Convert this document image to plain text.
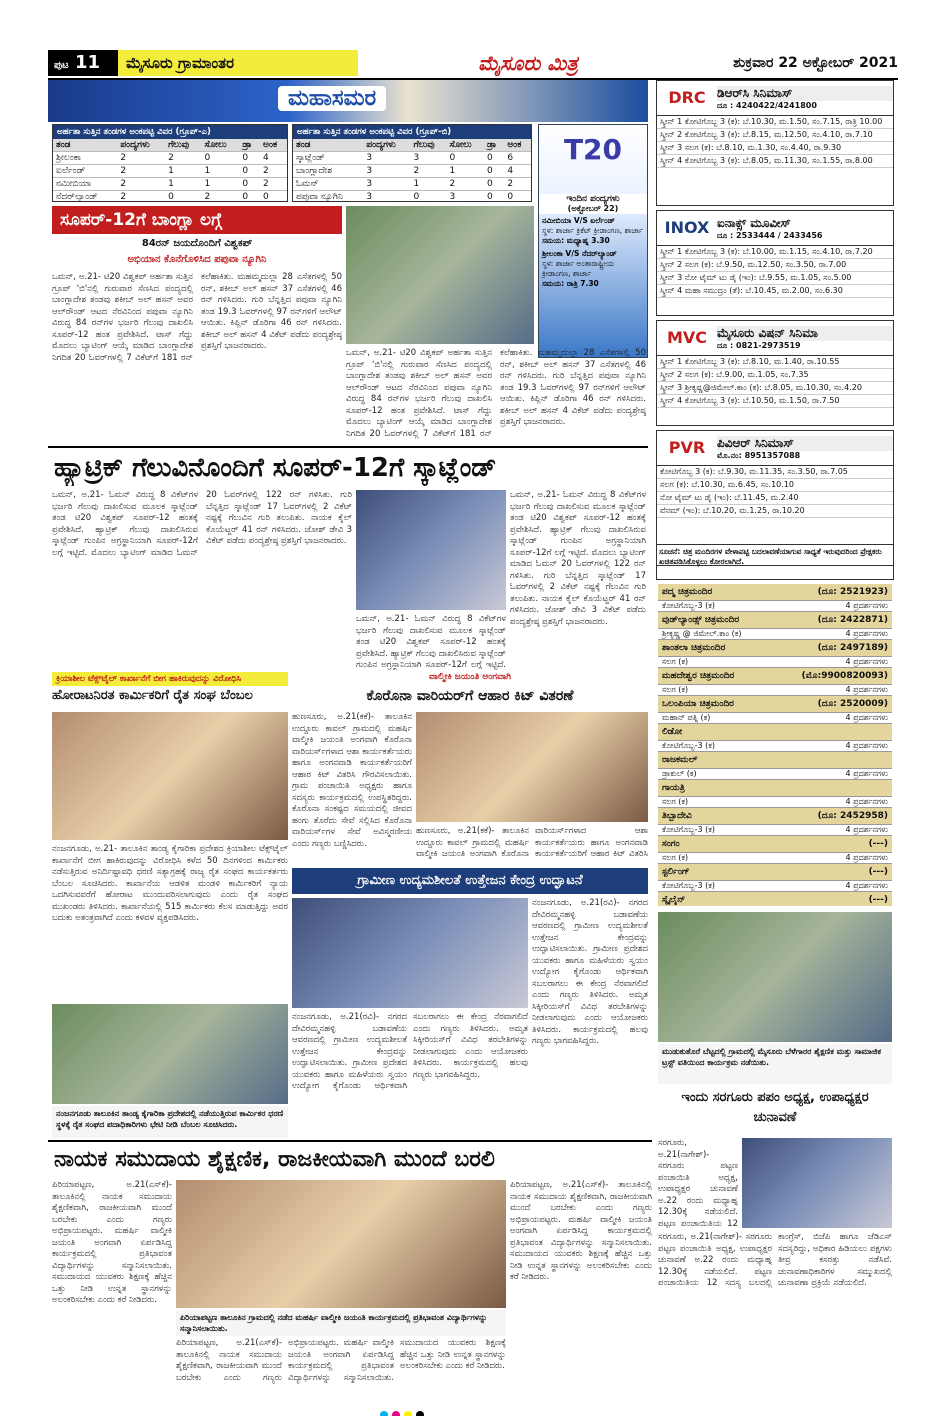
ಪುಟ 11	ಮೈಸೂರು ಗ್ರಾಮಾಂತರ	ಮೈಸೂರು ಮಿತ್ರ	ಶುಕ್ರವಾರ 22 ಅಕ್ಟೋಬರ್ 2021
ಮಹಾಸಮರ
ಅರ್ಹತಾ ಸುತ್ತಿನ ತಂಡಗಳ ಅಂಕಪಟ್ಟಿ ವಿವರ (ಗ್ರೂಪ್-ಎ)
ತಂಡ	ಪಂದ್ಯಗಳು	ಗೆಲುವು	ಸೋಲು	ಡ್ರಾ	ಅಂಕ
ಶ್ರೀಲಂಕಾ	2	2	0	0	4
ಐರ್ಲೆಂಡ್	2	1	1	0	2
ನಮೀಬಿಯಾ	2	1	1	0	2
ನೆದರ್‌ಲ್ಯಾಂಡ್	2	0	2	0	0
ಅರ್ಹತಾ ಸುತ್ತಿನ ತಂಡಗಳ ಅಂಕಪಟ್ಟಿ ವಿವರ (ಗ್ರೂಪ್-ಬಿ)
ತಂಡ	ಪಂದ್ಯಗಳು	ಗೆಲುವು	ಸೋಲು	ಡ್ರಾ	ಅಂಕ
ಸ್ಕಾಟ್ಲೆಂಡ್	3	3	0	0	6
ಬಾಂಗ್ಲಾದೇಶ	3	2	1	0	4
ಓಮನ್	3	1	2	0	2
ಪಪುವಾ ನ್ಯೂಗಿನಿ	3	0	3	0	0
T20
ಇಂದಿನ ಪಂದ್ಯಗಳು
(ಅಕ್ಟೋಬರ್ 22)
ನಮೀಬಿಯಾ V/S ಐರ್ಲೆಂಡ್
ಸ್ಥಳ: ಶಾರ್ಜಾ ಕ್ರಿಕೆಟ್ ಕ್ರೀಡಾಂಗಣ, ಶಾರ್ಜಾ
ಸಮಯ: ಮಧ್ಯಾಹ್ನ 3.30
ಶ್ರೀಲಂಕಾ V/S ನೆದರ್‌ಲ್ಯಾಂಡ್
ಸ್ಥಳ: ಶಾರ್ಜಾ ಅಂತಾರಾಷ್ಟ್ರೀಯ ಕ್ರೀಡಾಂಗಣ, ಶಾರ್ಜಾ
ಸಮಯ: ರಾತ್ರಿ 7.30
ಸೂಪರ್-12ಗೆ ಬಾಂಗ್ಲಾ ಲಗ್ಗೆ
84ರನ್ ಜಯದೊಂದಿಗೆ ವಿಶ್ವಕಪ್
ಅಭಿಯಾನ ಕೊನೆಗೊಳಿಸಿದ ಪಪುವಾ ನ್ಯೂಗಿನಿ
ಒಮನ್, ಅ.21- ಟಿ20 ವಿಶ್ವಕಪ್ ಅರ್ಹತಾ ಸುತ್ತಿನ ಗ್ರೂಪ್ 'ಬಿ'ನಲ್ಲಿ ಗುರುವಾರ ಸೆಣಸಿದ ಪಂದ್ಯದಲ್ಲಿ ಬಾಂಗ್ಲಾದೇಶ ತಂಡವು ಶಕೀಬ್ ಅಲ್ ಹಸನ್ ಅವರ ಆಲ್‌ರೌಂಡ್ ಆಟದ ನೆರವಿನಿಂದ ಪಪುವಾ ನ್ಯೂಗಿನಿ ವಿರುದ್ಧ 84 ರನ್‌ಗಳ ಭರ್ಜರಿ ಗೆಲುವು ದಾಖಲಿಸಿ ಸೂಪರ್-12 ಹಂತ ಪ್ರವೇಶಿಸಿದೆ. ಟಾಸ್ ಗೆದ್ದು ಮೊದಲು ಬ್ಯಾಟಿಂಗ್ ಆಯ್ಕೆ ಮಾಡಿದ ಬಾಂಗ್ಲಾದೇಶ ನಿಗದಿತ 20 ಓವರ್‌ಗಳಲ್ಲಿ 7 ವಿಕೆಟ್‌ಗೆ 181 ರನ್ ಕಲೆಹಾಕಿತು. ಮಹಮ್ಮದುಲ್ಲಾ 28 ಎಸೆತಗಳಲ್ಲಿ 50 ರನ್, ಶಕೀಬ್ ಅಲ್ ಹಸನ್ 37 ಎಸೆತಗಳಲ್ಲಿ 46 ರನ್ ಗಳಿಸಿದರು. ಗುರಿ ಬೆನ್ನತ್ತಿದ ಪಪುವಾ ನ್ಯೂಗಿನಿ ತಂಡ 19.3 ಓವರ್‌ಗಳಲ್ಲಿ 97 ರನ್‌ಗಳಿಗೆ ಆಲೌಟ್ ಆಯಿತು. ಕಿಪ್ಲಿನ್ ಡೊರಿಗಾ 46 ರನ್ ಗಳಿಸಿದರು. ಶಕೀಬ್ ಅಲ್ ಹಸನ್ 4 ವಿಕೆಟ್ ಪಡೆದು ಪಂದ್ಯಶ್ರೇಷ್ಠ ಪ್ರಶಸ್ತಿಗೆ ಭಾಜನರಾದರು.
ಒಮನ್, ಅ.21- ಟಿ20 ವಿಶ್ವಕಪ್ ಅರ್ಹತಾ ಸುತ್ತಿನ ಗ್ರೂಪ್ 'ಬಿ'ನಲ್ಲಿ ಗುರುವಾರ ಸೆಣಸಿದ ಪಂದ್ಯದಲ್ಲಿ ಬಾಂಗ್ಲಾದೇಶ ತಂಡವು ಶಕೀಬ್ ಅಲ್ ಹಸನ್ ಅವರ ಆಲ್‌ರೌಂಡ್ ಆಟದ ನೆರವಿನಿಂದ ಪಪುವಾ ನ್ಯೂಗಿನಿ ವಿರುದ್ಧ 84 ರನ್‌ಗಳ ಭರ್ಜರಿ ಗೆಲುವು ದಾಖಲಿಸಿ ಸೂಪರ್-12 ಹಂತ ಪ್ರವೇಶಿಸಿದೆ. ಟಾಸ್ ಗೆದ್ದು ಮೊದಲು ಬ್ಯಾಟಿಂಗ್ ಆಯ್ಕೆ ಮಾಡಿದ ಬಾಂಗ್ಲಾದೇಶ ನಿಗದಿತ 20 ಓವರ್‌ಗಳಲ್ಲಿ 7 ವಿಕೆಟ್‌ಗೆ 181 ರನ್ ಕಲೆಹಾಕಿತು. ಮಹಮ್ಮದುಲ್ಲಾ 28 ಎಸೆತಗಳಲ್ಲಿ 50 ರನ್, ಶಕೀಬ್ ಅಲ್ ಹಸನ್ 37 ಎಸೆತಗಳಲ್ಲಿ 46 ರನ್ ಗಳಿಸಿದರು. ಗುರಿ ಬೆನ್ನತ್ತಿದ ಪಪುವಾ ನ್ಯೂಗಿನಿ ತಂಡ 19.3 ಓವರ್‌ಗಳಲ್ಲಿ 97 ರನ್‌ಗಳಿಗೆ ಆಲೌಟ್ ಆಯಿತು. ಕಿಪ್ಲಿನ್ ಡೊರಿಗಾ 46 ರನ್ ಗಳಿಸಿದರು. ಶಕೀಬ್ ಅಲ್ ಹಸನ್ 4 ವಿಕೆಟ್ ಪಡೆದು ಪಂದ್ಯಶ್ರೇಷ್ಠ ಪ್ರಶಸ್ತಿಗೆ ಭಾಜನರಾದರು.
ಹ್ಯಾಟ್ರಿಕ್ ಗೆಲುವಿನೊಂದಿಗೆ ಸೂಪರ್-12ಗೆ ಸ್ಕಾಟ್ಲೆಂಡ್
ಒಮನ್, ಅ.21- ಓಮನ್ ವಿರುದ್ಧ 8 ವಿಕೆಟ್‌ಗಳ ಭರ್ಜರಿ ಗೆಲುವು ದಾಖಲಿಸುವ ಮೂಲಕ ಸ್ಕಾಟ್ಲೆಂಡ್ ತಂಡ ಟಿ20 ವಿಶ್ವಕಪ್ ಸೂಪರ್-12 ಹಂತಕ್ಕೆ ಪ್ರವೇಶಿಸಿದೆ. ಹ್ಯಾಟ್ರಿಕ್ ಗೆಲುವು ದಾಖಲಿಸಿರುವ ಸ್ಕಾಟ್ಲೆಂಡ್ ಗುಂಪಿನ ಅಗ್ರಸ್ಥಾನಿಯಾಗಿ ಸೂಪರ್-12ಗೆ ಲಗ್ಗೆ ಇಟ್ಟಿದೆ. ಮೊದಲು ಬ್ಯಾಟಿಂಗ್ ಮಾಡಿದ ಓಮನ್ 20 ಓವರ್‌ಗಳಲ್ಲಿ 122 ರನ್ ಗಳಿಸಿತು. ಗುರಿ ಬೆನ್ನತ್ತಿದ ಸ್ಕಾಟ್ಲೆಂಡ್ 17 ಓವರ್‌ಗಳಲ್ಲಿ 2 ವಿಕೆಟ್ ನಷ್ಟಕ್ಕೆ ಗೆಲುವಿನ ಗುರಿ ತಲುಪಿತು. ನಾಯಕ ಕೈಲ್ ಕೊಯೆಟ್ಜರ್ 41 ರನ್ ಗಳಿಸಿದರು. ಜೋಶ್ ಡೇವಿ 3 ವಿಕೆಟ್ ಪಡೆದು ಪಂದ್ಯಶ್ರೇಷ್ಠ ಪ್ರಶಸ್ತಿಗೆ ಭಾಜನರಾದರು.
ಒಮನ್, ಅ.21- ಓಮನ್ ವಿರುದ್ಧ 8 ವಿಕೆಟ್‌ಗಳ ಭರ್ಜರಿ ಗೆಲುವು ದಾಖಲಿಸುವ ಮೂಲಕ ಸ್ಕಾಟ್ಲೆಂಡ್ ತಂಡ ಟಿ20 ವಿಶ್ವಕಪ್ ಸೂಪರ್-12 ಹಂತಕ್ಕೆ ಪ್ರವೇಶಿಸಿದೆ. ಹ್ಯಾಟ್ರಿಕ್ ಗೆಲುವು ದಾಖಲಿಸಿರುವ ಸ್ಕಾಟ್ಲೆಂಡ್ ಗುಂಪಿನ ಅಗ್ರಸ್ಥಾನಿಯಾಗಿ ಸೂಪರ್-12ಗೆ ಲಗ್ಗೆ ಇಟ್ಟಿದೆ. ಮೊದಲು ಬ್ಯಾಟಿಂಗ್ ಮಾಡಿದ ಓಮನ್ 20 ಓವರ್‌ಗಳಲ್ಲಿ 122 ರನ್ ಗಳಿಸಿತು. ಗುರಿ ಬೆನ್ನತ್ತಿದ ಸ್ಕಾಟ್ಲೆಂಡ್ 17 ಓವರ್‌ಗಳಲ್ಲಿ 2 ವಿಕೆಟ್ ನಷ್ಟಕ್ಕೆ ಗೆಲುವಿನ ಗುರಿ ತಲುಪಿತು. ನಾಯಕ ಕೈಲ್ ಕೊಯೆಟ್ಜರ್ 41 ರನ್ ಗಳಿಸಿದರು. ಜೋಶ್ ಡೇವಿ 3 ವಿಕೆಟ್ ಪಡೆದು ಪಂದ್ಯಶ್ರೇಷ್ಠ ಪ್ರಶಸ್ತಿಗೆ ಭಾಜನರಾದರು.
ಒಮನ್, ಅ.21- ಓಮನ್ ವಿರುದ್ಧ 8 ವಿಕೆಟ್‌ಗಳ ಭರ್ಜರಿ ಗೆಲುವು ದಾಖಲಿಸುವ ಮೂಲಕ ಸ್ಕಾಟ್ಲೆಂಡ್ ತಂಡ ಟಿ20 ವಿಶ್ವಕಪ್ ಸೂಪರ್-12 ಹಂತಕ್ಕೆ ಪ್ರವೇಶಿಸಿದೆ. ಹ್ಯಾಟ್ರಿಕ್ ಗೆಲುವು ದಾಖಲಿಸಿರುವ ಸ್ಕಾಟ್ಲೆಂಡ್ ಗುಂಪಿನ ಅಗ್ರಸ್ಥಾನಿಯಾಗಿ ಸೂಪರ್-12ಗೆ ಲಗ್ಗೆ ಇಟ್ಟಿದೆ.
ಕ್ರಿಯಾಶೀಲ ಟೆಕ್ಸ್‌ಟೈಲ್ ಕಾರ್ಖಾನೆಗೆ ಬೀಗ ಹಾಕಿರುವುದನ್ನು ವಿರೋಧಿಸಿ
ಹೋರಾಟನಿರತ ಕಾರ್ಮಿಕರಿಗೆ ರೈತ ಸಂಘ ಬೆಂಬಲ
ನಂಜನಗೂಡು, ಅ.21- ತಾಲೂಕಿನ ತಾಂಡ್ಯ ಕೈಗಾರಿಕಾ ಪ್ರದೇಶದ ಕ್ರಿಯಾಶೀಲ ಟೆಕ್ಸ್‌ಟೈಲ್ ಕಾರ್ಖಾನೆಗೆ ಬೀಗ ಹಾಕಿರುವುದನ್ನು ವಿರೋಧಿಸಿ ಕಳೆದ 50 ದಿನಗಳಿಂದ ಕಾರ್ಮಿಕರು ನಡೆಸುತ್ತಿರುವ ಅನಿರ್ದಿಷ್ಟಾವಧಿ ಧರಣಿ ಸತ್ಯಾಗ್ರಹಕ್ಕೆ ರಾಜ್ಯ ರೈತ ಸಂಘದ ಕಾರ್ಯಕರ್ತರು ಬೆಂಬಲ ಸೂಚಿಸಿದರು. ಕಾರ್ಖಾನೆಯ ಆಡಳಿತ ಮಂಡಳಿ ಕಾರ್ಮಿಕರಿಗೆ ನ್ಯಾಯ ಒದಗಿಸುವವರೆಗೆ ಹೋರಾಟ ಮುಂದುವರಿಸಲಾಗುವುದು ಎಂದು ರೈತ ಸಂಘದ ಮುಖಂಡರು ತಿಳಿಸಿದರು. ಕಾರ್ಖಾನೆಯಲ್ಲಿ 515 ಕಾರ್ಮಿಕರು ಕೆಲಸ ಮಾಡುತ್ತಿದ್ದು ಅವರ ಬದುಕು ಅತಂತ್ರವಾಗಿದೆ ಎಂದು ಕಳವಳ ವ್ಯಕ್ತಪಡಿಸಿದರು.
ನಂಜನಗೂಡು ತಾಲೂಕಿನ ತಾಂಡ್ಯ ಕೈಗಾರಿಕಾ ಪ್ರದೇಶದಲ್ಲಿ ನಡೆಯುತ್ತಿರುವ ಕಾರ್ಮಿಕರ ಧರಣಿ ಸ್ಥಳಕ್ಕೆ ರೈತ ಸಂಘದ ಪದಾಧಿಕಾರಿಗಳು ಭೇಟಿ ನೀಡಿ ಬೆಂಬಲ ಸೂಚಿಸಿದರು.
ವಾಲ್ಮೀಕಿ ಜಯಂತಿ ಅಂಗವಾಗಿ
ಕೊರೊನಾ ವಾರಿಯರ್‌ಗೆ ಆಹಾರ ಕಿಟ್ ವಿತರಣೆ
ಹುಣಸೂರು, ಅ.21(ಕಕೆ)- ತಾಲೂಕಿನ ಉದ್ದೂರು ಕಾವಲ್ ಗ್ರಾಮದಲ್ಲಿ ಮಹರ್ಷಿ ವಾಲ್ಮೀಕಿ ಜಯಂತಿ ಅಂಗವಾಗಿ ಕೊರೊನಾ ವಾರಿಯರ್ಸ್‌ಗಳಾದ ಆಶಾ ಕಾರ್ಯಕರ್ತೆಯರು ಹಾಗೂ ಅಂಗನವಾಡಿ ಕಾರ್ಯಕರ್ತೆಯರಿಗೆ ಆಹಾರ ಕಿಟ್ ವಿತರಿಸಿ ಗೌರವಿಸಲಾಯಿತು. ಗ್ರಾಮ ಪಂಚಾಯಿತಿ ಅಧ್ಯಕ್ಷರು ಹಾಗೂ ಸದಸ್ಯರು ಕಾರ್ಯಕ್ರಮದಲ್ಲಿ ಉಪಸ್ಥಿತರಿದ್ದರು. ಕೊರೊನಾ ಸಂಕಷ್ಟದ ಸಮಯದಲ್ಲಿ ಜೀವದ ಹಂಗು ತೊರೆದು ಸೇವೆ ಸಲ್ಲಿಸಿದ ಕೊರೊನಾ ವಾರಿಯರ್ಸ್‌ಗಳ ಸೇವೆ ಅವಿಸ್ಮರಣೀಯ ಎಂದು ಗಣ್ಯರು ಬಣ್ಣಿಸಿದರು.
ಹುಣಸೂರು, ಅ.21(ಕಕೆ)- ತಾಲೂಕಿನ ಉದ್ದೂರು ಕಾವಲ್ ಗ್ರಾಮದಲ್ಲಿ ಮಹರ್ಷಿ ವಾಲ್ಮೀಕಿ ಜಯಂತಿ ಅಂಗವಾಗಿ ಕೊರೊನಾ ವಾರಿಯರ್ಸ್‌ಗಳಾದ ಆಶಾ ಕಾರ್ಯಕರ್ತೆಯರು ಹಾಗೂ ಅಂಗನವಾಡಿ ಕಾರ್ಯಕರ್ತೆಯರಿಗೆ ಆಹಾರ ಕಿಟ್ ವಿತರಿಸಿ
ಗ್ರಾಮೀಣ ಉದ್ಯಮಶೀಲತೆ ಉತ್ತೇಜನ ಕೇಂದ್ರ ಉದ್ಘಾಟನೆ
ನಂಜನಗೂಡು, ಅ.21(ರವಿ)- ನಗರದ ದೇವಿರಮ್ಮನಹಳ್ಳಿ ಬಡಾವಣೆಯ ಆವರಣದಲ್ಲಿ ಗ್ರಾಮೀಣ ಉದ್ಯಮಶೀಲತೆ ಉತ್ತೇಜನ ಕೇಂದ್ರವನ್ನು ಉದ್ಘಾಟಿಸಲಾಯಿತು. ಗ್ರಾಮೀಣ ಪ್ರದೇಶದ ಯುವಕರು ಹಾಗೂ ಮಹಿಳೆಯರು ಸ್ವಯಂ ಉದ್ಯೋಗ ಕೈಗೊಂಡು ಆರ್ಥಿಕವಾಗಿ ಸಬಲರಾಗಲು ಈ ಕೇಂದ್ರ ನೆರವಾಗಲಿದೆ ಎಂದು ಗಣ್ಯರು ತಿಳಿಸಿದರು. ಅಮೃತ ಸಿಕ್ಕೀರಿಯಸ್‌ಗೆ ವಿವಿಧ ತರಬೇತಿಗಳನ್ನು ನೀಡಲಾಗುವುದು ಎಂದು ಆಯೋಜಕರು ತಿಳಿಸಿದರು. ಕಾರ್ಯಕ್ರಮದಲ್ಲಿ ಹಲವು ಗಣ್ಯರು ಭಾಗವಹಿಸಿದ್ದರು.
ನಂಜನಗೂಡು, ಅ.21(ರವಿ)- ನಗರದ ದೇವಿರಮ್ಮನಹಳ್ಳಿ ಬಡಾವಣೆಯ ಆವರಣದಲ್ಲಿ ಗ್ರಾಮೀಣ ಉದ್ಯಮಶೀಲತೆ ಉತ್ತೇಜನ ಕೇಂದ್ರವನ್ನು ಉದ್ಘಾಟಿಸಲಾಯಿತು. ಗ್ರಾಮೀಣ ಪ್ರದೇಶದ ಯುವಕರು ಹಾಗೂ ಮಹಿಳೆಯರು ಸ್ವಯಂ ಉದ್ಯೋಗ ಕೈಗೊಂಡು ಆರ್ಥಿಕವಾಗಿ ಸಬಲರಾಗಲು ಈ ಕೇಂದ್ರ ನೆರವಾಗಲಿದೆ ಎಂದು ಗಣ್ಯರು ತಿಳಿಸಿದರು. ಅಮೃತ ಸಿಕ್ಕೀರಿಯಸ್‌ಗೆ ವಿವಿಧ ತರಬೇತಿಗಳನ್ನು ನೀಡಲಾಗುವುದು ಎಂದು ಆಯೋಜಕರು ತಿಳಿಸಿದರು. ಕಾರ್ಯಕ್ರಮದಲ್ಲಿ ಹಲವು ಗಣ್ಯರು ಭಾಗವಹಿಸಿದ್ದರು.
ನಾಯಕ ಸಮುದಾಯ ಶೈಕ್ಷಣಿಕ, ರಾಜಕೀಯವಾಗಿ ಮುಂದೆ ಬರಲಿ
ಪಿರಿಯಾಪಟ್ಟಣ, ಅ.21(ಎಸ್‌ಕೆ)- ತಾಲೂಕಿನಲ್ಲಿ ನಾಯಕ ಸಮುದಾಯ ಶೈಕ್ಷಣಿಕವಾಗಿ, ರಾಜಕೀಯವಾಗಿ ಮುಂದೆ ಬರಬೇಕು ಎಂದು ಗಣ್ಯರು ಅಭಿಪ್ರಾಯಪಟ್ಟರು. ಮಹರ್ಷಿ ವಾಲ್ಮೀಕಿ ಜಯಂತಿ ಅಂಗವಾಗಿ ಏರ್ಪಡಿಸಿದ್ದ ಕಾರ್ಯಕ್ರಮದಲ್ಲಿ ಪ್ರತಿಭಾವಂತ ವಿದ್ಯಾರ್ಥಿಗಳನ್ನು ಸನ್ಮಾನಿಸಲಾಯಿತು. ಸಮುದಾಯದ ಯುವಕರು ಶಿಕ್ಷಣಕ್ಕೆ ಹೆಚ್ಚಿನ ಒತ್ತು ನೀಡಿ ಉನ್ನತ ಸ್ಥಾನಗಳನ್ನು ಅಲಂಕರಿಸಬೇಕು ಎಂದು ಕರೆ ನೀಡಿದರು.
ಪಿರಿಯಾಪಟ್ಟಣ ತಾಲೂಕಿನ ಗ್ರಾಮದಲ್ಲಿ ನಡೆದ ಮಹರ್ಷಿ ವಾಲ್ಮೀಕಿ ಜಯಂತಿ ಕಾರ್ಯಕ್ರಮದಲ್ಲಿ ಪ್ರತಿಭಾವಂತ ವಿದ್ಯಾರ್ಥಿಗಳನ್ನು ಸನ್ಮಾನಿಸಲಾಯಿತು.
ಪಿರಿಯಾಪಟ್ಟಣ, ಅ.21(ಎಸ್‌ಕೆ)- ತಾಲೂಕಿನಲ್ಲಿ ನಾಯಕ ಸಮುದಾಯ ಶೈಕ್ಷಣಿಕವಾಗಿ, ರಾಜಕೀಯವಾಗಿ ಮುಂದೆ ಬರಬೇಕು ಎಂದು ಗಣ್ಯರು ಅಭಿಪ್ರಾಯಪಟ್ಟರು. ಮಹರ್ಷಿ ವಾಲ್ಮೀಕಿ ಜಯಂತಿ ಅಂಗವಾಗಿ ಏರ್ಪಡಿಸಿದ್ದ ಕಾರ್ಯಕ್ರಮದಲ್ಲಿ ಪ್ರತಿಭಾವಂತ ವಿದ್ಯಾರ್ಥಿಗಳನ್ನು ಸನ್ಮಾನಿಸಲಾಯಿತು. ಸಮುದಾಯದ ಯುವಕರು ಶಿಕ್ಷಣಕ್ಕೆ ಹೆಚ್ಚಿನ ಒತ್ತು ನೀಡಿ ಉನ್ನತ ಸ್ಥಾನಗಳನ್ನು ಅಲಂಕರಿಸಬೇಕು ಎಂದು ಕರೆ ನೀಡಿದರು.
ಪಿರಿಯಾಪಟ್ಟಣ, ಅ.21(ಎಸ್‌ಕೆ)- ತಾಲೂಕಿನಲ್ಲಿ ನಾಯಕ ಸಮುದಾಯ ಶೈಕ್ಷಣಿಕವಾಗಿ, ರಾಜಕೀಯವಾಗಿ ಮುಂದೆ ಬರಬೇಕು ಎಂದು ಗಣ್ಯರು ಅಭಿಪ್ರಾಯಪಟ್ಟರು. ಮಹರ್ಷಿ ವಾಲ್ಮೀಕಿ ಜಯಂತಿ ಅಂಗವಾಗಿ ಏರ್ಪಡಿಸಿದ್ದ ಕಾರ್ಯಕ್ರಮದಲ್ಲಿ ಪ್ರತಿಭಾವಂತ ವಿದ್ಯಾರ್ಥಿಗಳನ್ನು ಸನ್ಮಾನಿಸಲಾಯಿತು. ಸಮುದಾಯದ ಯುವಕರು ಶಿಕ್ಷಣಕ್ಕೆ ಹೆಚ್ಚಿನ ಒತ್ತು ನೀಡಿ ಉನ್ನತ ಸ್ಥಾನಗಳನ್ನು ಅಲಂಕರಿಸಬೇಕು ಎಂದು ಕರೆ ನೀಡಿದರು.
DRC ಡಿಆರ್‌ಸಿ ಸಿನಿಮಾಸ್
ದೂ : 4240422/4241800
ಸ್ಕ್ರೀನ್ 1 ಕೋಟಿಗೊಬ್ಬ 3 (ಕ): ಬೆ.10.30, ಮ.1.50, ಸಂ.7.15, ರಾತ್ರಿ 10.00
ಸ್ಕ್ರೀನ್ 2 ಕೋಟಿಗೊಬ್ಬ 3 (ಕ): ಬೆ.8.15, ಮ.12.50, ಸಂ.4.10, ರಾ.7.10
ಸ್ಕ್ರೀನ್ 3 ಸಲಗ (ಕ): ಬೆ.8.10, ಮ.1.30, ಸಂ.4.40, ರಾ.9.30
ಸ್ಕ್ರೀನ್ 4 ಕೋಟಿಗೊಬ್ಬ 3 (ಕ): ಬೆ.8.05, ಮ.11.30, ಸಂ.1.55, ರಾ.8.00
INOX ಐನಾಕ್ಸ್ ಮೂವೀಸ್
ದೂ : 2533444 / 2433456
ಸ್ಕ್ರೀನ್ 1 ಕೋಟಿಗೊಬ್ಬ 3 (ಕ): ಬೆ.10.00, ಮ.1.15, ಸಂ.4.10, ರಾ.7.20
ಸ್ಕ್ರೀನ್ 2 ಸಲಗ (ಕ): ಬೆ.9.50, ಮ.12.50, ಸಂ.3.50, ರಾ.7.00
ಸ್ಕ್ರೀನ್ 3 ನೋ ಟೈಮ್ ಟು ಡೈ (ಇಂ): ಬೆ.9.55, ಮ.1.05, ಸಂ.5.00
ಸ್ಕ್ರೀನ್ 4 ಮಹಾ ಸಮುದ್ರಂ (ತೆ): ಬೆ.10.45, ಮ.2.00, ಸಂ.6.30
MVC ಮೈಸೂರು ವಿಷನ್ ಸಿನಿಮಾ
ದೂ : 0821-2973519
ಸ್ಕ್ರೀನ್ 1 ಕೋಟಿಗೊಬ್ಬ 3 (ಕ): ಬೆ.8.10, ಮ.1.40, ರಾ.10.55
ಸ್ಕ್ರೀನ್ 2 ಸಲಗ (ಕ): ಬೆ.9.00, ಮ.1.05, ಸಂ.7.35
ಸ್ಕ್ರೀನ್ 3 ಶ್ರೀಕೃಷ್ಣ@ಜಿಮೇಲ್.ಕಾಂ (ಕ): ಬೆ.8.05, ಮ.10.30, ಸಂ.4.20
ಸ್ಕ್ರೀನ್ 4 ಕೋಟಿಗೊಬ್ಬ 3 (ಕ): ಬೆ.10.50, ಮ.1.50, ರಾ.7.50
PVR ಪಿವಿಆರ್ ಸಿನಿಮಾಸ್
ಮೊ.ನಂ: 8951357088
ಕೋಟಿಗೊಬ್ಬ 3 (ಕ): ಬೆ.9.30, ಮ.11.35, ಸಂ.3.50, ರಾ.7.05
ಸಲಗ (ಕ): ಬೆ.10.30, ಮ.6.45, ಸಂ.10.10
ನೋ ಟೈಮ್ ಟು ಡೈ (ಇಂ): ಬೆ.11.45, ಮ.2.40
ವೆನಮ್ (ಇಂ): ಬೆ.10.20, ಮ.1.25, ರಾ.10.20
ಸೂಚನೆ: ಚಿತ್ರ ಮಂದಿರಗಳ ವೇಳಾಪಟ್ಟಿ ಬದಲಾವಣೆಯಾಗುವ ಸಾಧ್ಯತೆ ಇರುವುದರಿಂದ ಪ್ರೇಕ್ಷಕರು ಖಚಿತಪಡಿಸಿಕೊಳ್ಳಲು ಕೋರಲಾಗಿದೆ.
ಪದ್ಮ ಚಿತ್ರಮಂದಿರ	(ದೂ: 2521923)
ಕೋಟಿಗೊಬ್ಬ-3 (ಕ)	4 ಪ್ರದರ್ಶನಗಳು
ವುಡ್‌ಲ್ಯಾಂಡ್ಸ್ ಚಿತ್ರಮಂದಿರ	(ದೂ: 2422871)
ಶ್ರೀಕೃಷ್ಣ @ ಜಿಮೇಲ್.ಕಾಂ (ಕ)	4 ಪ್ರದರ್ಶನಗಳು
ಶಾಂತಲಾ ಚಿತ್ರಮಂದಿರ	(ದೂ: 2497189)
ಸಲಗ (ಕ)	4 ಪ್ರದರ್ಶನಗಳು
ಮಹದೇಶ್ವರ ಚಿತ್ರಮಂದಿರ	(ಮೊ:9900820093)
ಸಲಗ (ಕ)	4 ಪ್ರದರ್ಶನಗಳು
ಒಲಂಪಿಯಾ ಚಿತ್ರಮಂದಿರ	(ದೂ: 2520009)
ಮಹಾನ್ ಪತ್ನಿ (ಕ)	4 ಪ್ರದರ್ಶನಗಳು
ಲಿಡೋ
ಕೋಟಿಗೊಬ್ಬ-3 (ಕ)	4 ಪ್ರದರ್ಶನಗಳು
ರಾಜಕಮಲ್
ಡ್ರಾಕುಲ್ (ಕ)	4 ಪ್ರದರ್ಶನಗಳು
ಗಾಯತ್ರಿ
ಸಲಗ (ಕ)	4 ಪ್ರದರ್ಶನಗಳು
ತಿಬ್ಬಾದೇವಿ	(ದೂ: 2452958)
ಕೋಟಿಗೊಬ್ಬ-3 (ಕ)	4 ಪ್ರದರ್ಶನಗಳು
ಸಂಗಂ	(---)
ಸಲಗ (ಕ)	4 ಪ್ರದರ್ಶನಗಳು
ಸ್ಟರ್ಲಿಂಗ್	(---)
ಕೋಟಿಗೊಬ್ಬ-3 (ಕ)	4 ಪ್ರದರ್ಶನಗಳು
ಸ್ಕೈಲೈನ್	(---)
ಮುಡುಕುತೊರೆ ಬೆಟ್ಟದಲ್ಲಿ ಗ್ರಾಮದಲ್ಲಿ ಮೈಸೂರು ಬೆಳೆಗಾರರ ಶೈಕ್ಷಣಿಕ ಮತ್ತು ಸಾಮಾಜಿಕ ಟ್ರಸ್ಟ್ ವತಿಯಿಂದ ಕಾರ್ಯಕ್ರಮ ನಡೆಯಿತು.
ಇಂದು ಸರಗೂರು ಪಪಂ ಅಧ್ಯಕ್ಷ, ಉಪಾಧ್ಯಕ್ಷರ ಚುನಾವಣೆ
ಸರಗೂರು, ಅ.21(ನಾಗೇಶ್)- ಸರಗೂರು ಪಟ್ಟಣ ಪಂಚಾಯಿತಿ ಅಧ್ಯಕ್ಷ, ಉಪಾಧ್ಯಕ್ಷರ ಚುನಾವಣೆ ಅ.22 ರಂದು ಮಧ್ಯಾಹ್ನ 12.30ಕ್ಕೆ ನಡೆಯಲಿದೆ. ಪಟ್ಟಣ ಪಂಚಾಯಿತಿಯ 12
ಸರಗೂರು, ಅ.21(ನಾಗೇಶ್)- ಸರಗೂರು ಪಟ್ಟಣ ಪಂಚಾಯಿತಿ ಅಧ್ಯಕ್ಷ, ಉಪಾಧ್ಯಕ್ಷರ ಚುನಾವಣೆ ಅ.22 ರಂದು ಮಧ್ಯಾಹ್ನ 12.30ಕ್ಕೆ ನಡೆಯಲಿದೆ. ಪಟ್ಟಣ ಪಂಚಾಯಿತಿಯ 12 ಸದಸ್ಯ ಬಲದಲ್ಲಿ ಕಾಂಗ್ರೆಸ್, ಬಿಜೆಪಿ ಹಾಗೂ ಜೆಡಿಎಸ್ ಸದಸ್ಯರಿದ್ದು, ಅಧಿಕಾರ ಹಿಡಿಯಲು ಪಕ್ಷಗಳು ತೀವ್ರ ಕಸರತ್ತು ನಡೆಸಿವೆ. ಚುನಾವಣಾಧಿಕಾರಿಗಳ ಸಮ್ಮುಖದಲ್ಲಿ ಚುನಾವಣಾ ಪ್ರಕ್ರಿಯೆ ನಡೆಯಲಿದೆ.
